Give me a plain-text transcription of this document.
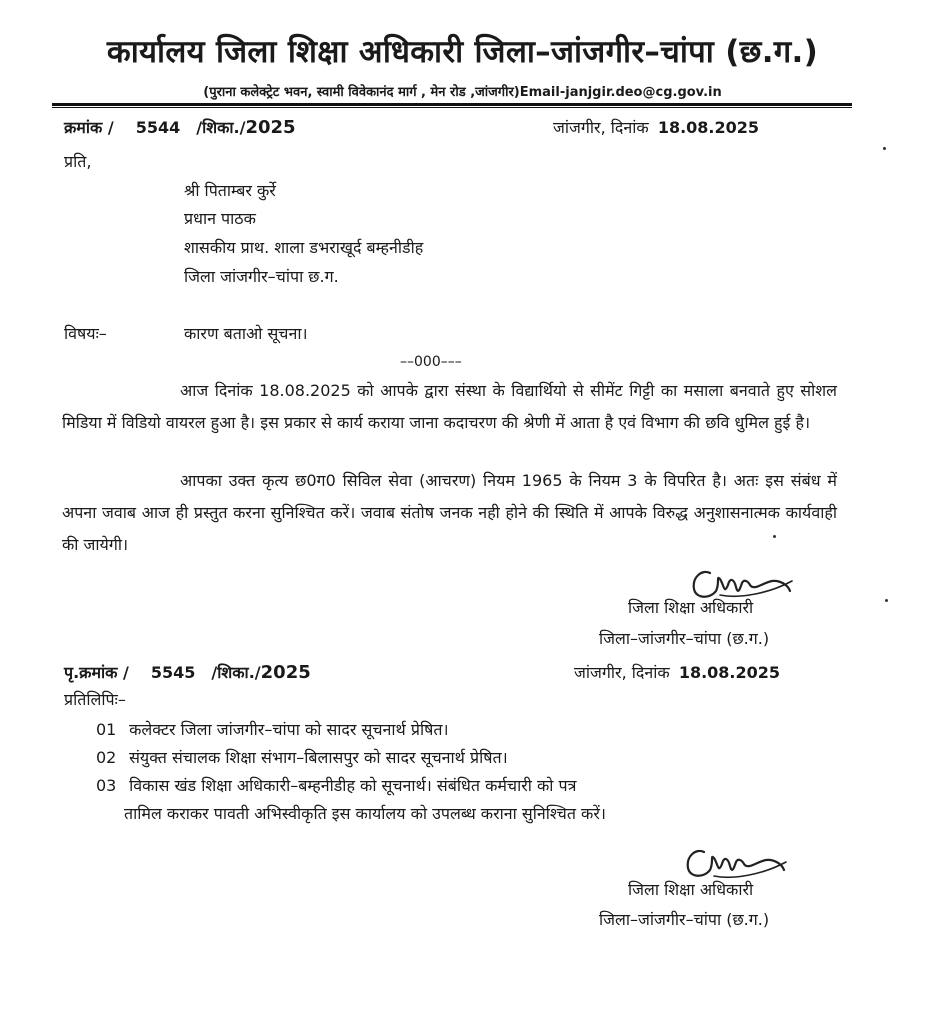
कार्यालय जिला शिक्षा अधिकारी जिला–जांजगीर–चांपा (छ.ग.)
(पुराना कलेक्ट्रेट भवन, स्वामी विवेकानंद मार्ग , मेन रोड ,जांजगीर)Email-janjgir.deo@cg.gov.in
क्रमांक / 5544 /शिका./2025	जांजगीर, दिनांक 18.08.2025
प्रति,
श्री पिताम्बर कुर्रे
प्रधान पाठक
शासकीय प्राथ. शाला डभराखूर्द बम्हनीडीह
जिला जांजगीर–चांपा छ.ग.
विषयः–	कारण बताओ सूचना।
––000–––
आज दिनांक 18.08.2025 को आपके द्वारा संस्था के विद्यार्थियो से सीमेंट गिट्टी का मसाला बनवाते हुए सोशल मिडिया में विडियो वायरल हुआ है। इस प्रकार से कार्य कराया जाना कदाचरण की श्रेणी में आता है एवं विभाग की छवि धुमिल हुई है।
आपका उक्त कृत्य छ0ग0 सिविल सेवा (आचरण) नियम 1965 के नियम 3 के विपरित है। अतः इस संबंध में अपना जवाब आज ही प्रस्तुत करना सुनिश्चित करें। जवाब संतोष जनक नही होने की स्थिति में आपके विरुद्ध अनुशासनात्मक कार्यवाही की जायेगी।
जिला शिक्षा अधिकारी
जिला–जांजगीर–चांपा (छ.ग.)
पृ.क्रमांक / 5545 /शिका./2025	जांजगीर, दिनांक 18.08.2025
प्रतिलिपिः–
01 कलेक्टर जिला जांजगीर–चांपा को सादर सूचनार्थ प्रेषित।
02 संयुक्त संचालक शिक्षा संभाग–बिलासपुर को सादर सूचनार्थ प्रेषित।
03 विकास खंड शिक्षा अधिकारी–बम्हनीडीह को सूचनार्थ। संबंधित कर्मचारी को पत्र
तामिल कराकर पावती अभिस्वीकृति इस कार्यालय को उपलब्ध कराना सुनिश्चित करें।
जिला शिक्षा अधिकारी
जिला–जांजगीर–चांपा (छ.ग.)
